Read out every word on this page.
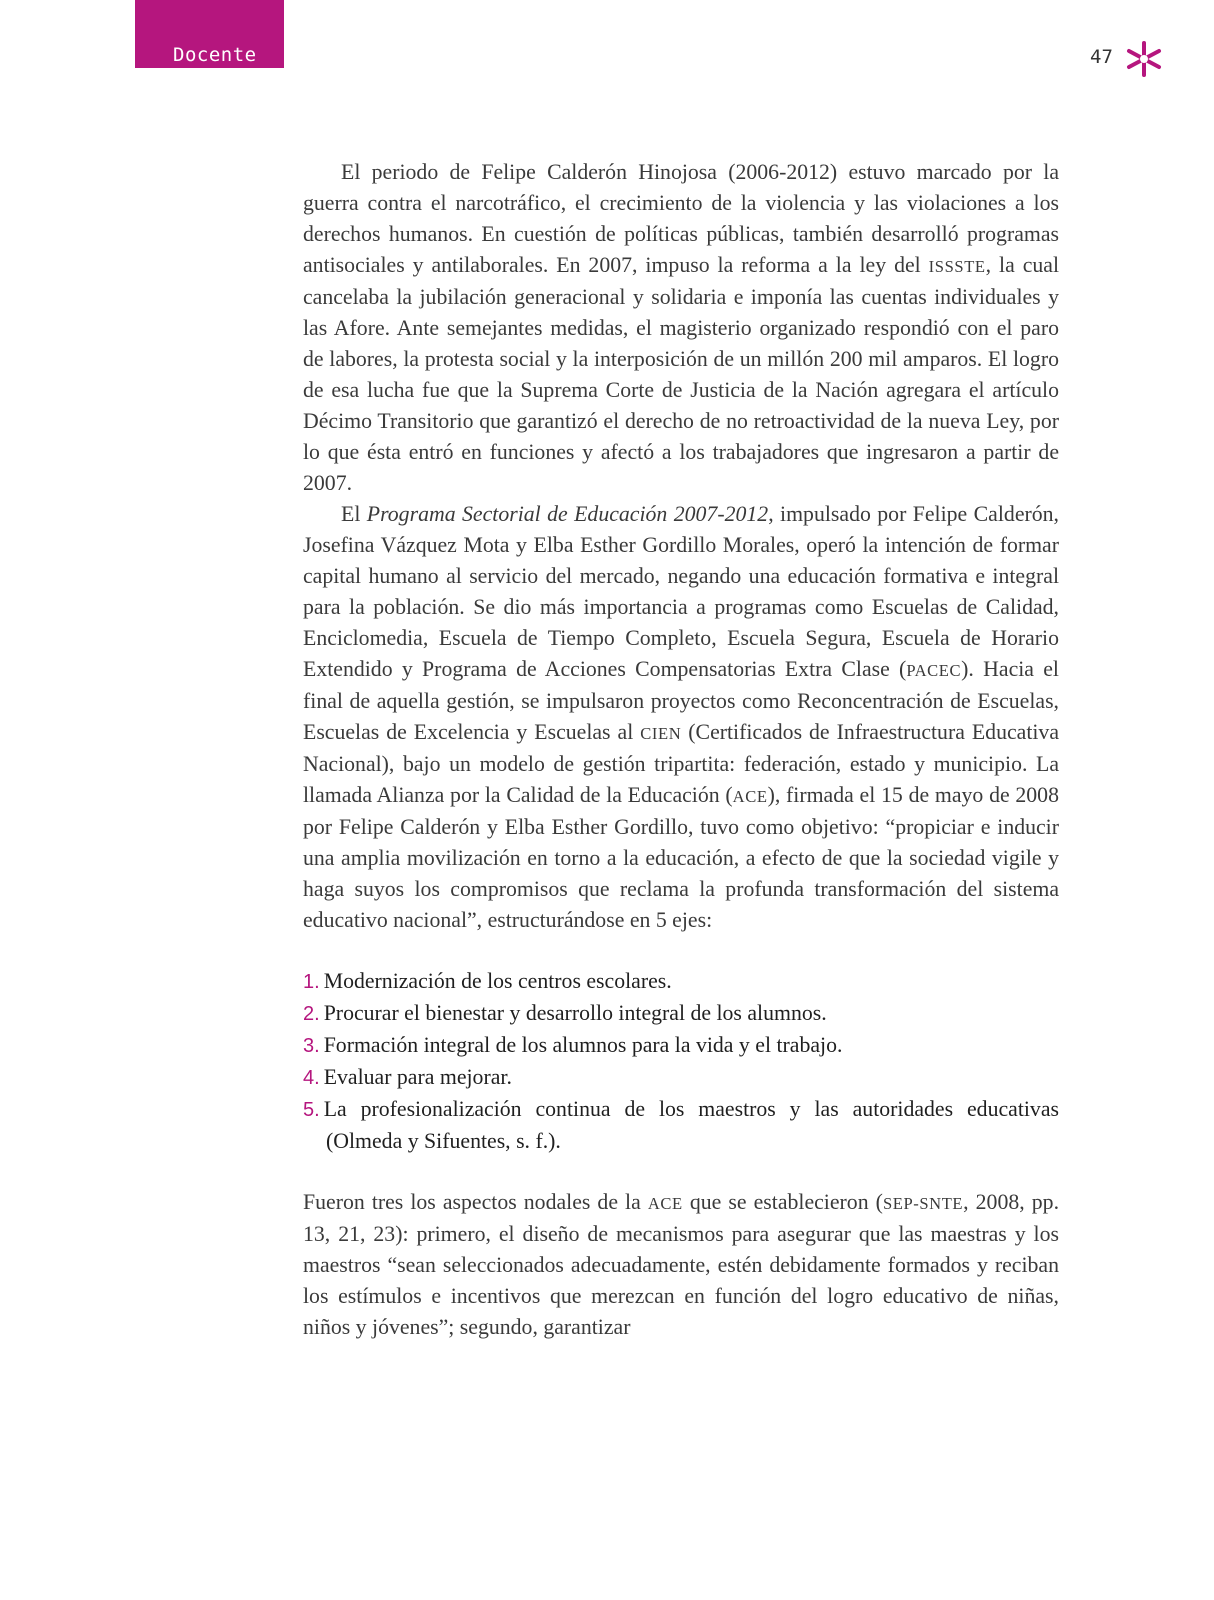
Docente	47

El periodo de Felipe Calderón Hinojosa (2006-2012) estuvo marcado por la guerra contra el narcotráfico, el crecimiento de la violencia y las violaciones a los derechos humanos. En cuestión de políticas públicas, también desarrolló programas antisociales y antilaborales. En 2007, impuso la reforma a la ley del ISSSTE, la cual cancelaba la jubilación generacional y solidaria e imponía las cuentas individuales y las Afore. Ante semejantes medidas, el magisterio organizado respondió con el paro de labores, la protesta social y la interposición de un millón 200 mil amparos. El logro de esa lucha fue que la Suprema Corte de Justicia de la Nación agregara el artículo Décimo Transitorio que garantizó el derecho de no retroactividad de la nueva Ley, por lo que ésta entró en funciones y afectó a los trabajadores que ingresaron a partir de 2007.

El Programa Sectorial de Educación 2007-2012, impulsado por Felipe Calderón, Josefina Vázquez Mota y Elba Esther Gordillo Morales, operó la intención de formar capital humano al servicio del mercado, negando una educación formativa e integral para la población. Se dio más importancia a programas como Escuelas de Calidad, Enciclomedia, Escuela de Tiempo Completo, Escuela Segura, Escuela de Horario Extendido y Programa de Acciones Compensatorias Extra Clase (PACEC). Hacia el final de aquella gestión, se impulsaron proyectos como Reconcentración de Escuelas, Escuelas de Excelencia y Escuelas al CIEN (Certificados de Infraestructura Educativa Nacional), bajo un modelo de gestión tripartita: federación, estado y municipio. La llamada Alianza por la Calidad de la Educación (ACE), firmada el 15 de mayo de 2008 por Felipe Calderón y Elba Esther Gordillo, tuvo como objetivo: “propiciar e inducir una amplia movilización en torno a la educación, a efecto de que la sociedad vigile y haga suyos los compromisos que reclama la profunda transformación del sistema educativo nacional”, estructurándose en 5 ejes:

1. Modernización de los centros escolares.
2. Procurar el bienestar y desarrollo integral de los alumnos.
3. Formación integral de los alumnos para la vida y el trabajo.
4. Evaluar para mejorar.
5. La profesionalización continua de los maestros y las autoridades educativas (Olmeda y Sifuentes, s. f.).

Fueron tres los aspectos nodales de la ACE que se establecieron (SEP-SNTE, 2008, pp. 13, 21, 23): primero, el diseño de mecanismos para asegurar que las maestras y los maestros “sean seleccionados adecuadamente, estén debidamente formados y reciban los estímulos e incentivos que merezcan en función del logro educativo de niñas, niños y jóvenes”; segundo, garantizar
